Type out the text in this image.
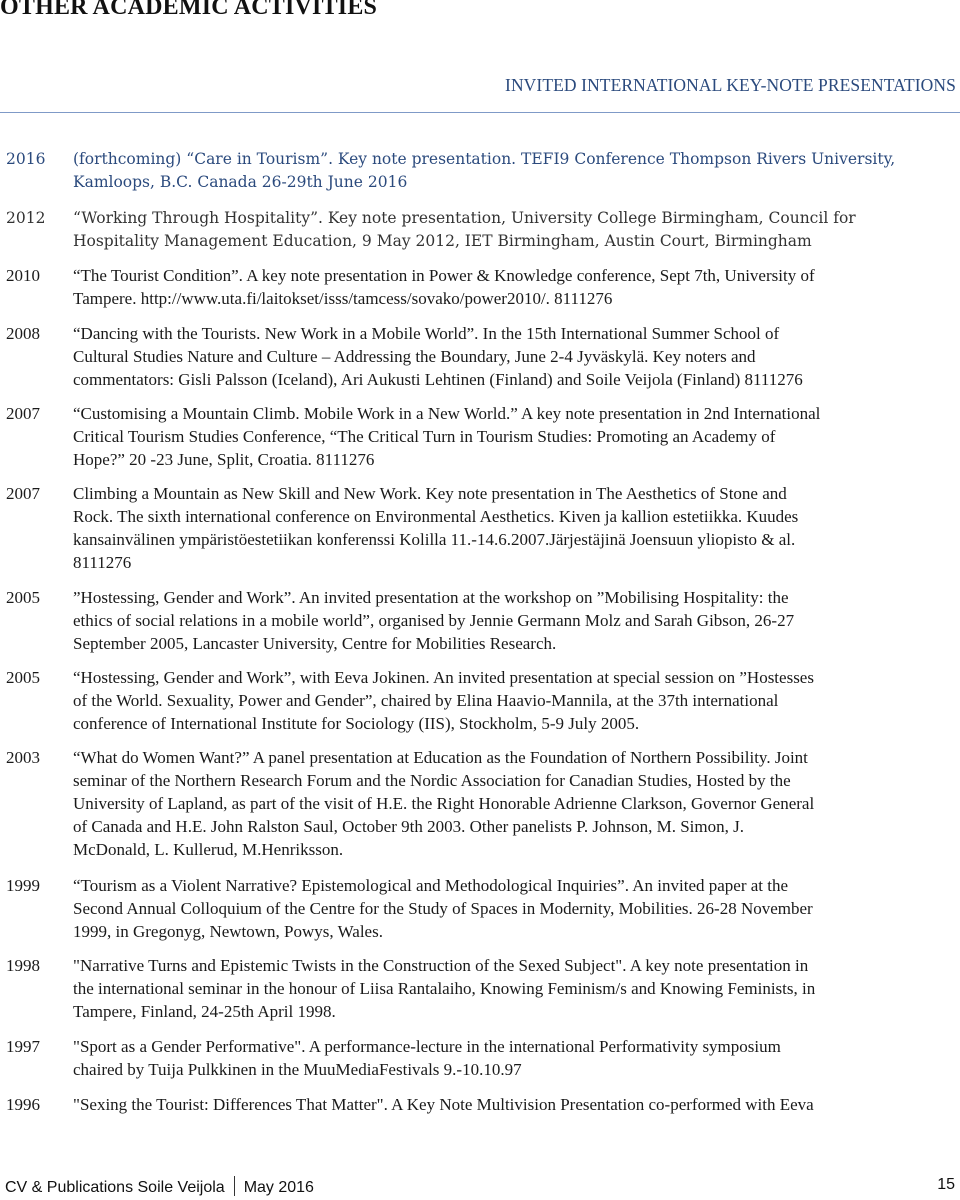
OTHER ACADEMIC ACTIVITIES
INVITED INTERNATIONAL KEY-NOTE PRESENTATIONS
2016 (forthcoming) “Care in Tourism”. Key note presentation. TEFI9 Conference Thompson Rivers University,
Kamloops, B.C. Canada 26-29th June 2016
2012 “Working Through Hospitality”. Key note presentation, University College Birmingham, Council for
Hospitality Management Education, 9 May 2012, IET Birmingham, Austin Court, Birmingham
2010 “The Tourist Condition”. A key note presentation in Power & Knowledge conference, Sept 7th, University of
Tampere. http://www.uta.fi/laitokset/isss/tamcess/sovako/power2010/. 8111276
2008 “Dancing with the Tourists. New Work in a Mobile World”. In the 15th International Summer School of
Cultural Studies Nature and Culture – Addressing the Boundary, June 2-4 Jyväskylä. Key noters and
commentators: Gisli Palsson (Iceland), Ari Aukusti Lehtinen (Finland) and Soile Veijola (Finland) 8111276
2007 “Customising a Mountain Climb. Mobile Work in a New World.” A key note presentation in 2nd International
Critical Tourism Studies Conference, “The Critical Turn in Tourism Studies: Promoting an Academy of
Hope?” 20 -23 June, Split, Croatia. 8111276
2007 Climbing a Mountain as New Skill and New Work. Key note presentation in The Aesthetics of Stone and
Rock. The sixth international conference on Environmental Aesthetics. Kiven ja kallion estetiikka. Kuudes
kansainvälinen ympäristöestetiikan konferenssi Kolilla 11.-14.6.2007.Järjestäjinä Joensuun yliopisto & al.
8111276
2005 ”Hostessing, Gender and Work”. An invited presentation at the workshop on ”Mobilising Hospitality: the
ethics of social relations in a mobile world”, organised by Jennie Germann Molz and Sarah Gibson, 26-27
September 2005, Lancaster University, Centre for Mobilities Research.
2005 “Hostessing, Gender and Work”, with Eeva Jokinen. An invited presentation at special session on ”Hostesses
of the World. Sexuality, Power and Gender”, chaired by Elina Haavio-Mannila, at the 37th international
conference of International Institute for Sociology (IIS), Stockholm, 5-9 July 2005.
2003 “What do Women Want?” A panel presentation at Education as the Foundation of Northern Possibility. Joint
seminar of the Northern Research Forum and the Nordic Association for Canadian Studies, Hosted by the
University of Lapland, as part of the visit of H.E. the Right Honorable Adrienne Clarkson, Governor General
of Canada and H.E. John Ralston Saul, October 9th 2003. Other panelists P. Johnson, M. Simon, J.
McDonald, L. Kullerud, M.Henriksson.
1999 “Tourism as a Violent Narrative? Epistemological and Methodological Inquiries”. An invited paper at the
Second Annual Colloquium of the Centre for the Study of Spaces in Modernity, Mobilities. 26-28 November
1999, in Gregonyg, Newtown, Powys, Wales.
1998 "Narrative Turns and Epistemic Twists in the Construction of the Sexed Subject". A key note presentation in
the international seminar in the honour of Liisa Rantalaiho, Knowing Feminism/s and Knowing Feminists, in
Tampere, Finland, 24-25th April 1998.
1997 "Sport as a Gender Performative". A performance-lecture in the international Performativity symposium
chaired by Tuija Pulkkinen in the MuuMediaFestivals 9.-10.10.97
1996 "Sexing the Tourist: Differences That Matter". A Key Note Multivision Presentation co-performed with Eeva
CV & Publications Soile Veijola May 2016	15
